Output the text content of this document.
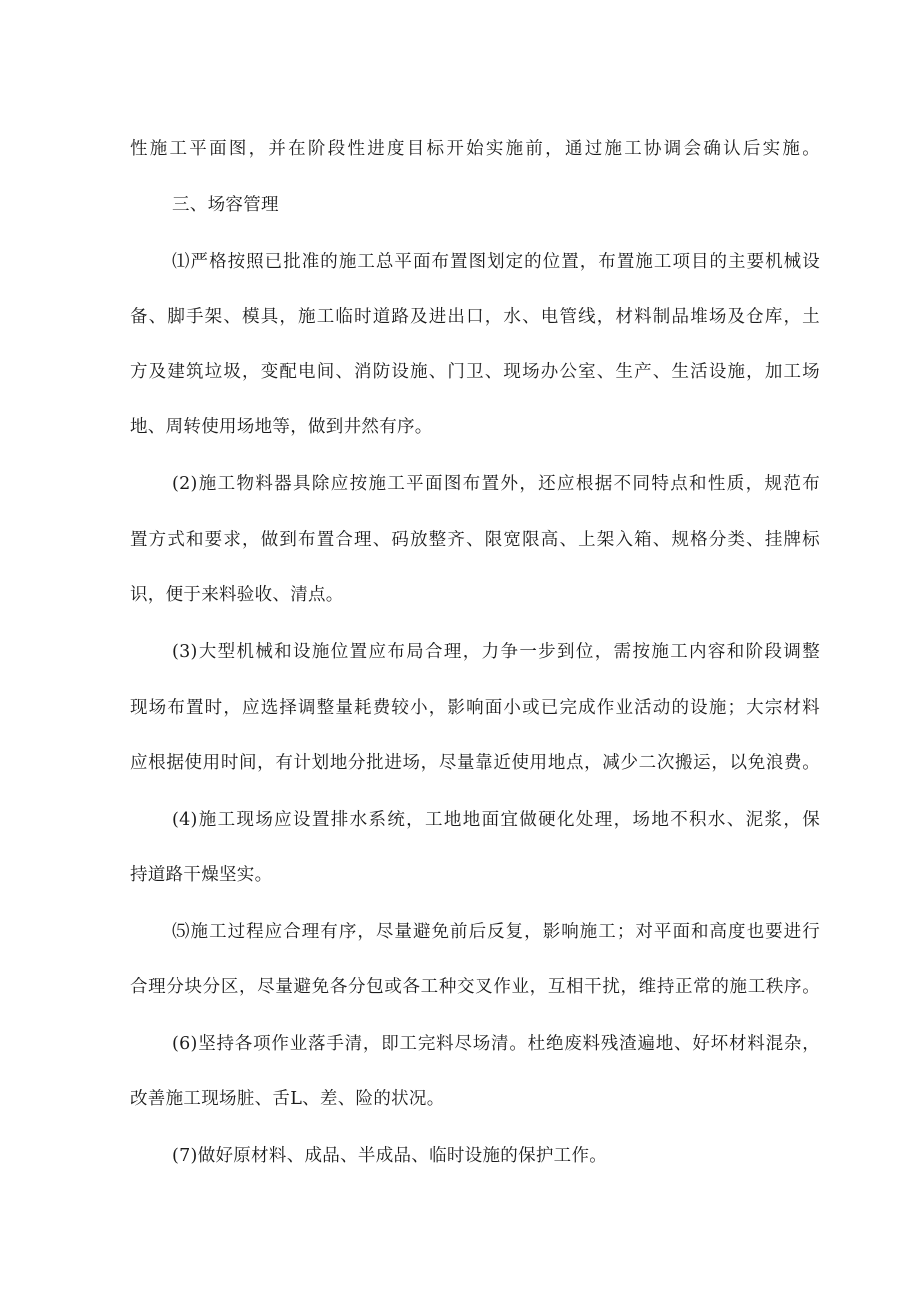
性施工平面图，并在阶段性进度目标开始实施前，通过施工协调会确认后实施。
三、场容管理
⑴严格按照已批准的施工总平面布置图划定的位置，布置施工项目的主要机械设
备、脚手架、模具，施工临时道路及进出口，水、电管线，材料制品堆场及仓库，土
方及建筑垃圾，变配电间、消防设施、门卫、现场办公室、生产、生活设施，加工场
地、周转使用场地等，做到井然有序。
(2)施工物料器具除应按施工平面图布置外，还应根据不同特点和性质，规范布
置方式和要求，做到布置合理、码放整齐、限宽限高、上架入箱、规格分类、挂牌标
识，便于来料验收、清点。
(3)大型机械和设施位置应布局合理，力争一步到位，需按施工内容和阶段调整
现场布置时，应选择调整量耗费较小，影响面小或已完成作业活动的设施；大宗材料
应根据使用时间，有计划地分批进场，尽量靠近使用地点，减少二次搬运，以免浪费。
(4)施工现场应设置排水系统，工地地面宜做硬化处理，场地不积水、泥浆，保
持道路干燥坚实。
⑸施工过程应合理有序，尽量避免前后反复，影响施工；对平面和高度也要进行
合理分块分区，尽量避免各分包或各工种交叉作业，互相干扰，维持正常的施工秩序。
(6)坚持各项作业落手清，即工完料尽场清。杜绝废料残渣遍地、好坏材料混杂，
改善施工现场脏、舌L、差、险的状况。
(7)做好原材料、成品、半成品、临时设施的保护工作。
